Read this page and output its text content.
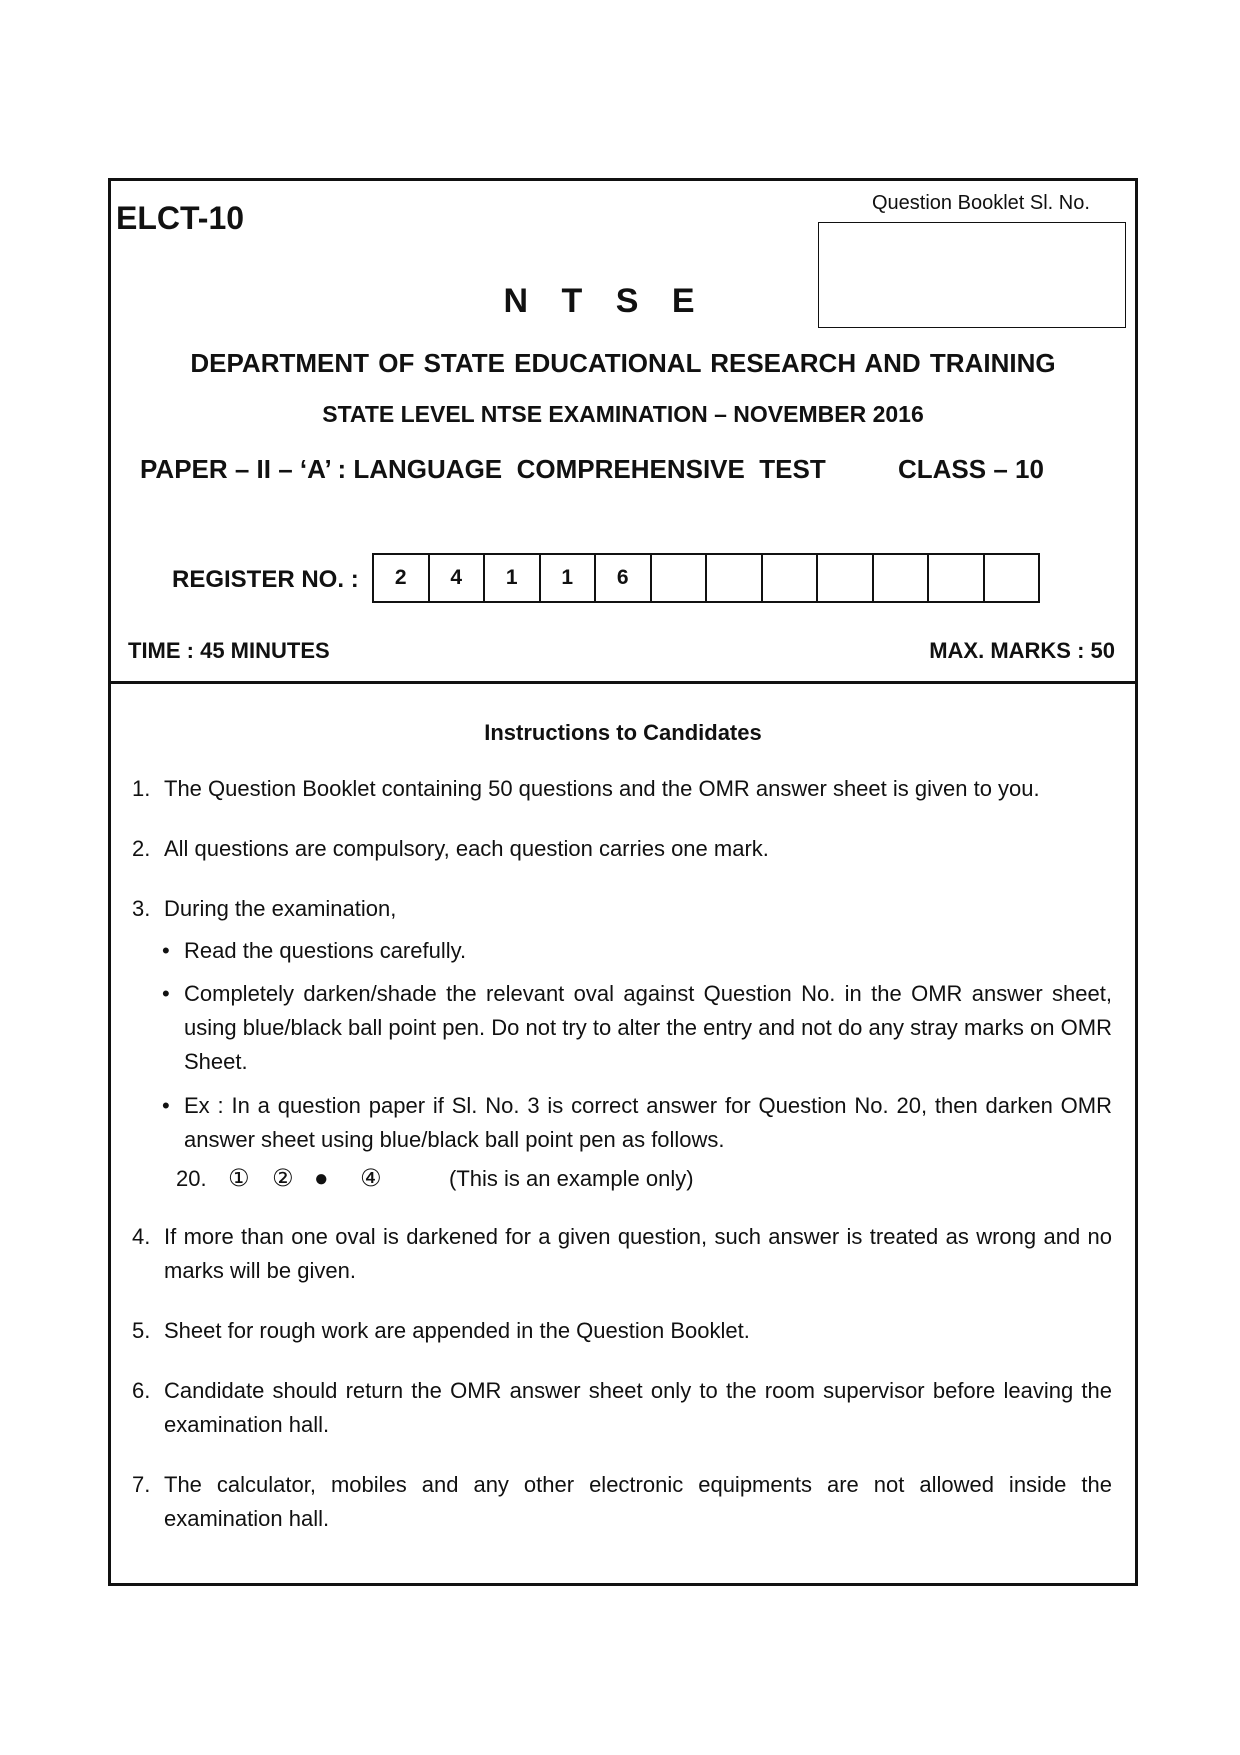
ELCT-10	Question Booklet Sl. No.
N T S E
DEPARTMENT OF STATE EDUCATIONAL RESEARCH AND TRAINING
STATE LEVEL NTSE EXAMINATION – NOVEMBER 2016
PAPER – II – ‘A’ : LANGUAGE  COMPREHENSIVE  TEST	CLASS – 10
REGISTER NO. :	2	4	1	1	6
TIME : 45 MINUTES	MAX. MARKS : 50
Instructions to Candidates
1. The Question Booklet containing 50 questions and the OMR answer sheet is given to you.
2. All questions are compulsory, each question carries one mark.
3. During the examination,
• Read the questions carefully.
• Completely darken/shade the relevant oval against Question No. in the OMR answer sheet, using blue/black ball point pen. Do not try to alter the entry and not do any stray marks on OMR Sheet.
• Ex : In a question paper if Sl. No. 3 is correct answer for Question No. 20, then darken OMR answer sheet using blue/black ball point pen as follows.
20. ① ② ● ④	(This is an example only)
4. If more than one oval is darkened for a given question, such answer is treated as wrong and no marks will be given.
5. Sheet for rough work are appended in the Question Booklet.
6. Candidate should return the OMR answer sheet only to the room supervisor before leaving the examination hall.
7. The calculator, mobiles and any other electronic equipments are not allowed inside the examination hall.
